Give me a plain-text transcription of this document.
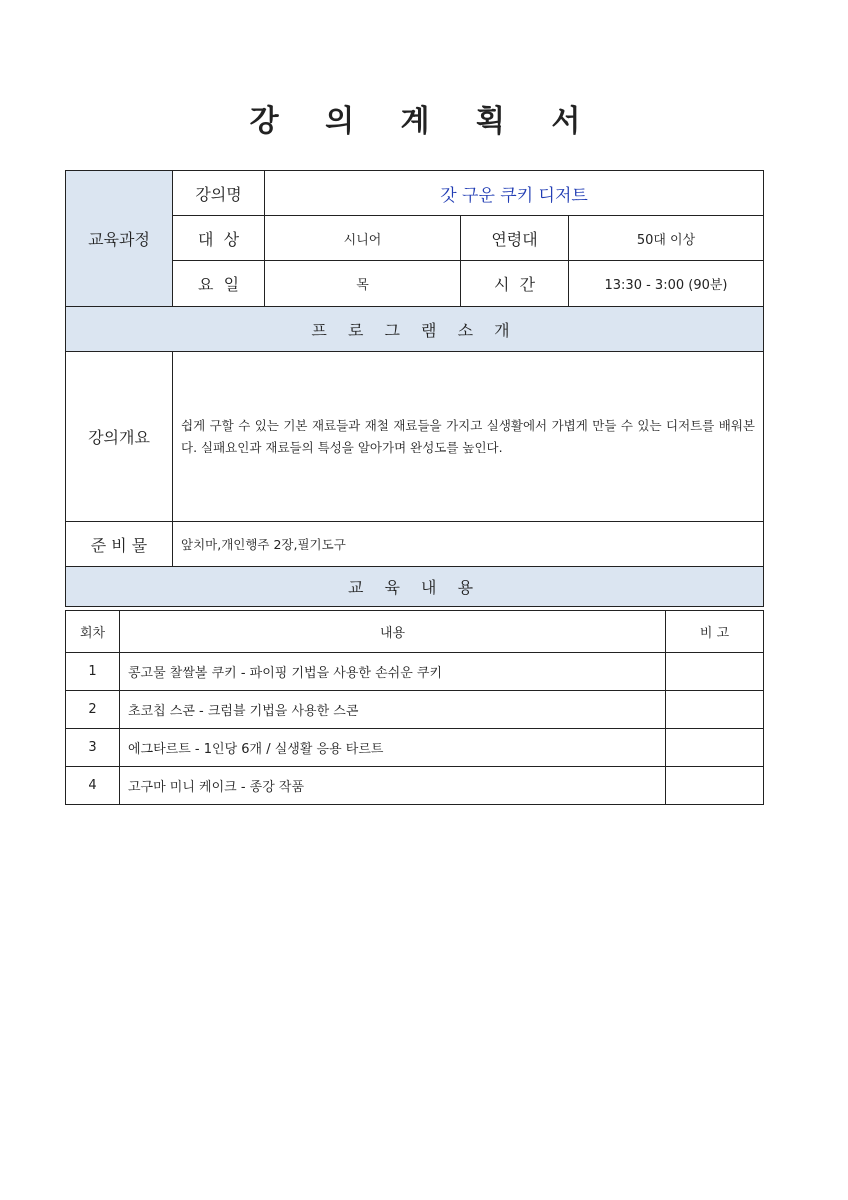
강 의 계 획 서
교육과정	강의명	갓 구운 쿠키 디저트		
	대  상	시니어	연령대	50대 이상
	요  일	목	시  간	13:30 - 3:00 (90분)
프 로 그 램 소 개				
강의개요	쉽게 구할 수 있는 기본 재료들과 재철 재료들을 가지고 실생활에서 가볍게 만들 수 있는 디저트를 배워본다. 실패요인과 재료들의 특성을 알아가며 완성도를 높인다.			
준 비 물	앞치마,개인행주 2장,필기도구			
교 육 내 용				
회차	내용	비 고
1	콩고물 찰쌀볼 쿠키 - 파이핑 기법을 사용한 손쉬운 쿠키	
2	초코칩 스콘 - 크럼블 기법을 사용한 스콘	
3	에그타르트 - 1인당 6개 / 실생활 응용 타르트	
4	고구마 미니 케이크 - 종강 작품	
